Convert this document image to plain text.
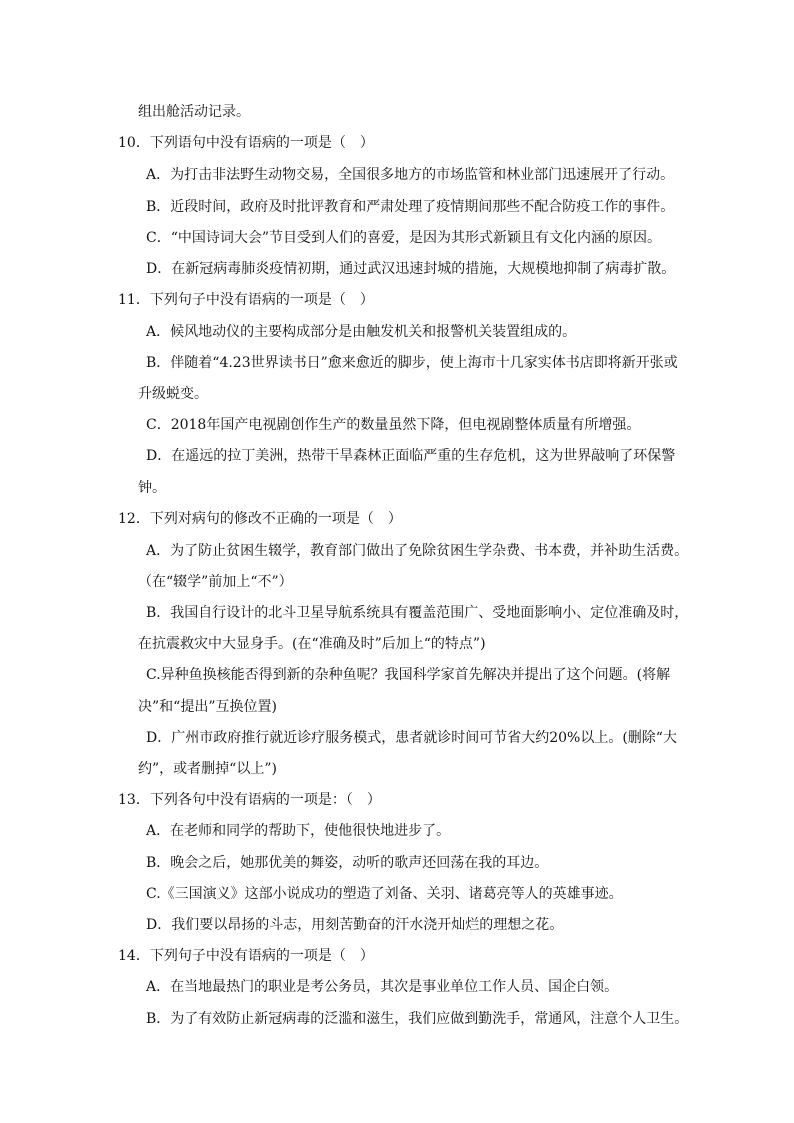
组出舱活动记录。
10．下列语句中没有语病的一项是（　）
A．为打击非法野生动物交易，全国很多地方的市场监管和林业部门迅速展开了行动。
B．近段时间，政府及时批评教育和严肃处理了疫情期间那些不配合防疫工作的事件。
C．“中国诗词大会”节目受到人们的喜爱，是因为其形式新颖且有文化内涵的原因。
D．在新冠病毒肺炎疫情初期，通过武汉迅速封城的措施，大规模地抑制了病毒扩散。
11．下列句子中没有语病的一项是（　）
A．候风地动仪的主要构成部分是由触发机关和报警机关装置组成的。
B．伴随着“4.23世界读书日”愈来愈近的脚步，使上海市十几家实体书店即将新开张或
升级蜕变。
C．2018年国产电视剧创作生产的数量虽然下降，但电视剧整体质量有所增强。
D．在遥远的拉丁美洲，热带干旱森林正面临严重的生存危机，这为世界敲响了环保警
钟。
12．下列对病句的修改不正确的一项是（　）
A．为了防止贫困生辍学，教育部门做出了免除贫困生学杂费、书本费，并补助生活费。
（在“辍学”前加上“不”）
B．我国自行设计的北斗卫星导航系统具有覆盖范围广、受地面影响小、定位准确及时，
在抗震救灾中大显身手。(在“准确及时”后加上“的特点”)
C.异种鱼换核能否得到新的杂种鱼呢？我国科学家首先解决并提出了这个问题。(将解
决”和“提出”互换位置)
D．广州市政府推行就近诊疗服务模式，患者就诊时间可节省大约20%以上。(删除“大
约”，或者删掉“以上”)
13．下列各句中没有语病的一项是：（　）
A．在老师和同学的帮助下，使他很快地进步了。
B．晚会之后，她那优美的舞姿，动听的歌声还回荡在我的耳边。
C.《三国演义》这部小说成功的塑造了刘备、关羽、诸葛亮等人的英雄事迹。
D．我们要以昂扬的斗志，用刻苦勤奋的汗水浇开灿烂的理想之花。
14．下列句子中没有语病的一项是（　）
A．在当地最热门的职业是考公务员，其次是事业单位工作人员、国企白领。
B．为了有效防止新冠病毒的泛滥和滋生，我们应做到勤洗手，常通风，注意个人卫生。
